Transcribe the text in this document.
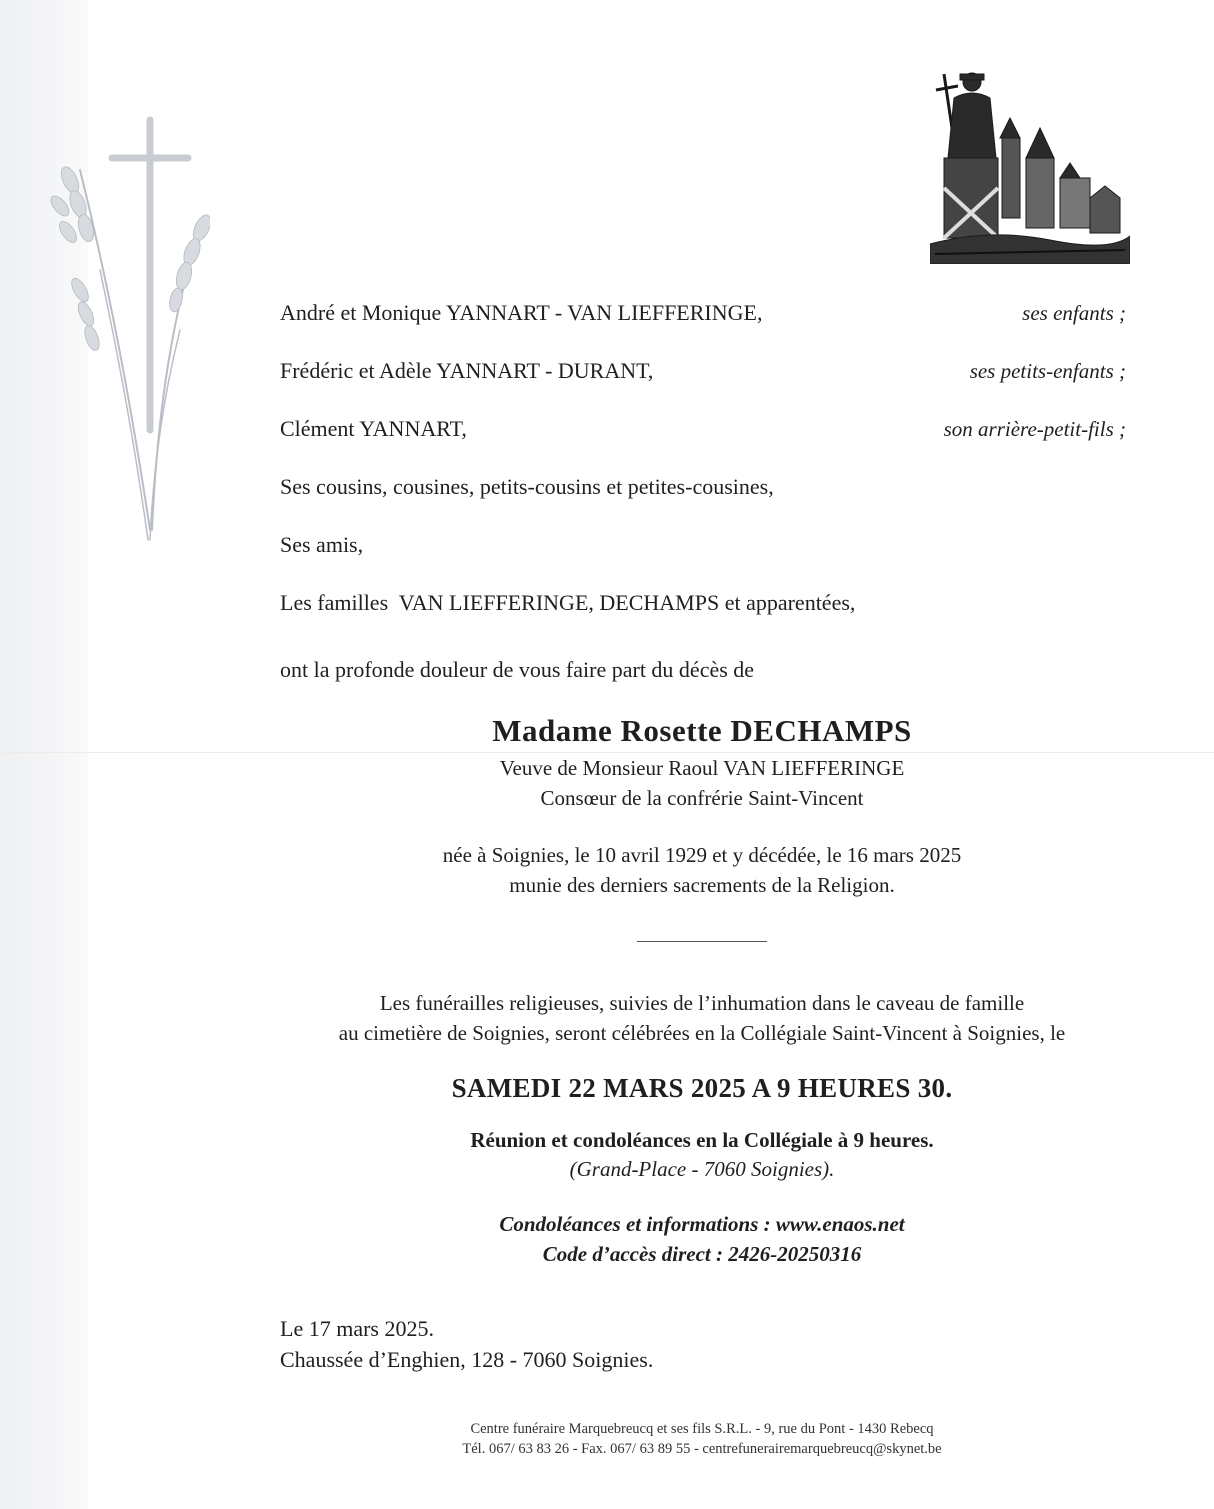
André et Monique YANNART - VAN LIEFFERINGE,	ses enfants ;
Frédéric et Adèle YANNART - DURANT,	ses petits-enfants ;
Clément YANNART,	son arrière-petit-fils ;
Ses cousins, cousines, petits-cousins et petites-cousines,
Ses amis,
Les familles  VAN LIEFFERINGE, DECHAMPS et apparentées,
ont la profonde douleur de vous faire part du décès de
Madame Rosette DECHAMPS
Veuve de Monsieur Raoul VAN LIEFFERINGE
Consœur de la confrérie Saint-Vincent
née à Soignies, le 10 avril 1929 et y décédée, le 16 mars 2025
munie des derniers sacrements de la Religion.
Les funérailles religieuses, suivies de l’inhumation dans le caveau de famille
au cimetière de Soignies, seront célébrées en la Collégiale Saint-Vincent à Soignies, le
SAMEDI 22 MARS 2025 A 9 HEURES 30.
Réunion et condoléances en la Collégiale à 9 heures.
(Grand-Place - 7060 Soignies).
Condoléances et informations : www.enaos.net
Code d’accès direct : 2426-20250316
Le 17 mars 2025.
Chaussée d’Enghien, 128 - 7060 Soignies.
Centre funéraire Marquebreucq et ses fils S.R.L. - 9, rue du Pont - 1430 Rebecq
Tél. 067/ 63 83 26 - Fax. 067/ 63 89 55 - centrefunerairemarquebreucq@skynet.be
